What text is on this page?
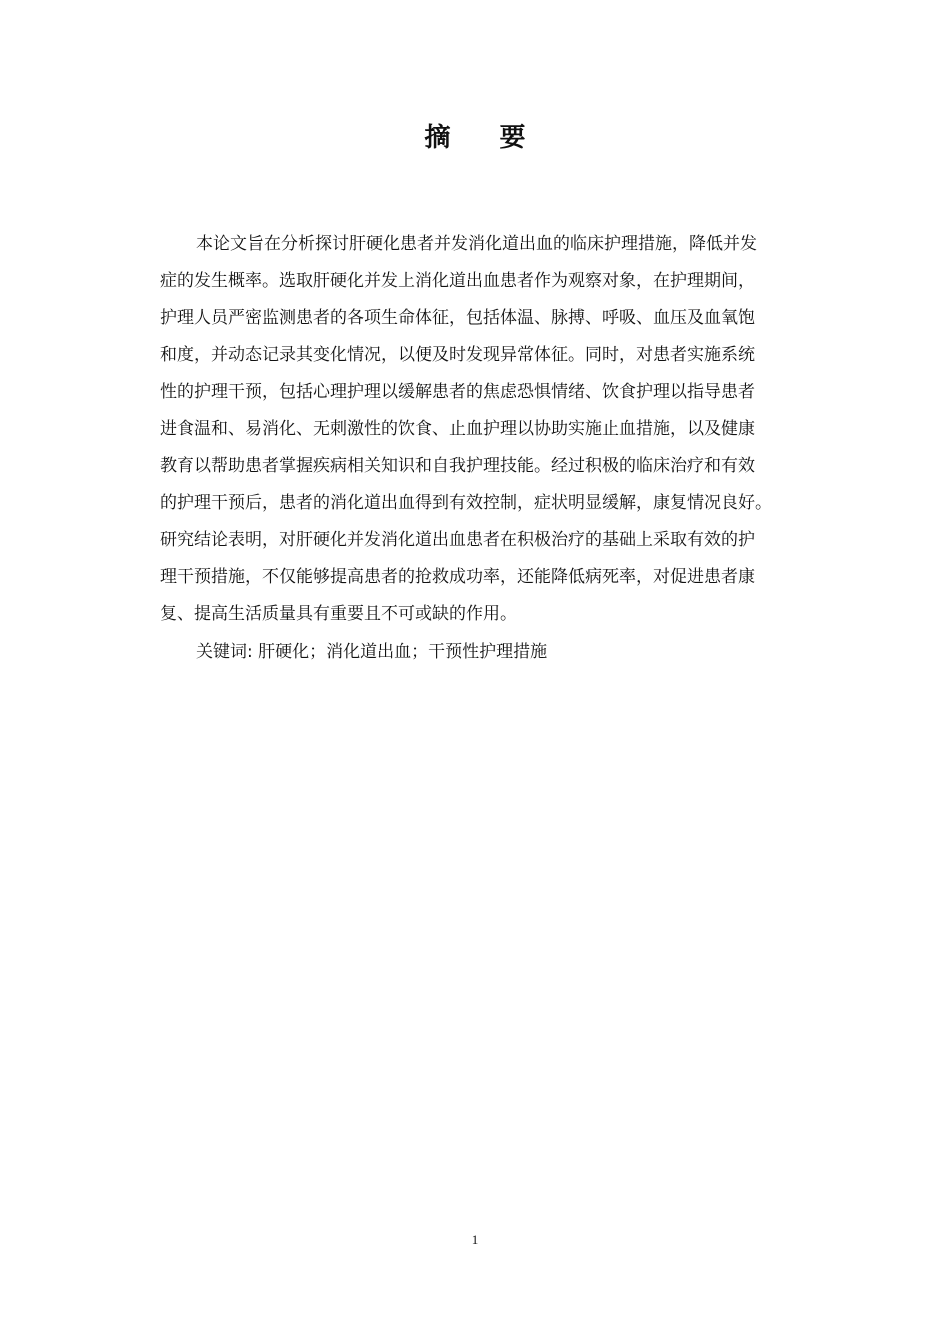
摘 要
本论文旨在分析探讨肝硬化患者并发消化道出血的临床护理措施，降低并发
症的发生概率。选取肝硬化并发上消化道出血患者作为观察对象，在护理期间，
护理人员严密监测患者的各项生命体征，包括体温、脉搏、呼吸、血压及血氧饱
和度，并动态记录其变化情况，以便及时发现异常体征。同时，对患者实施系统
性的护理干预，包括心理护理以缓解患者的焦虑恐惧情绪、饮食护理以指导患者
进食温和、易消化、无刺激性的饮食、止血护理以协助实施止血措施，以及健康
教育以帮助患者掌握疾病相关知识和自我护理技能。经过积极的临床治疗和有效
的护理干预后，患者的消化道出血得到有效控制，症状明显缓解，康复情况良好。
研究结论表明，对肝硬化并发消化道出血患者在积极治疗的基础上采取有效的护
理干预措施，不仅能够提高患者的抢救成功率，还能降低病死率，对促进患者康
复、提高生活质量具有重要且不可或缺的作用。
关键词: 肝硬化；消化道出血；干预性护理措施
1
